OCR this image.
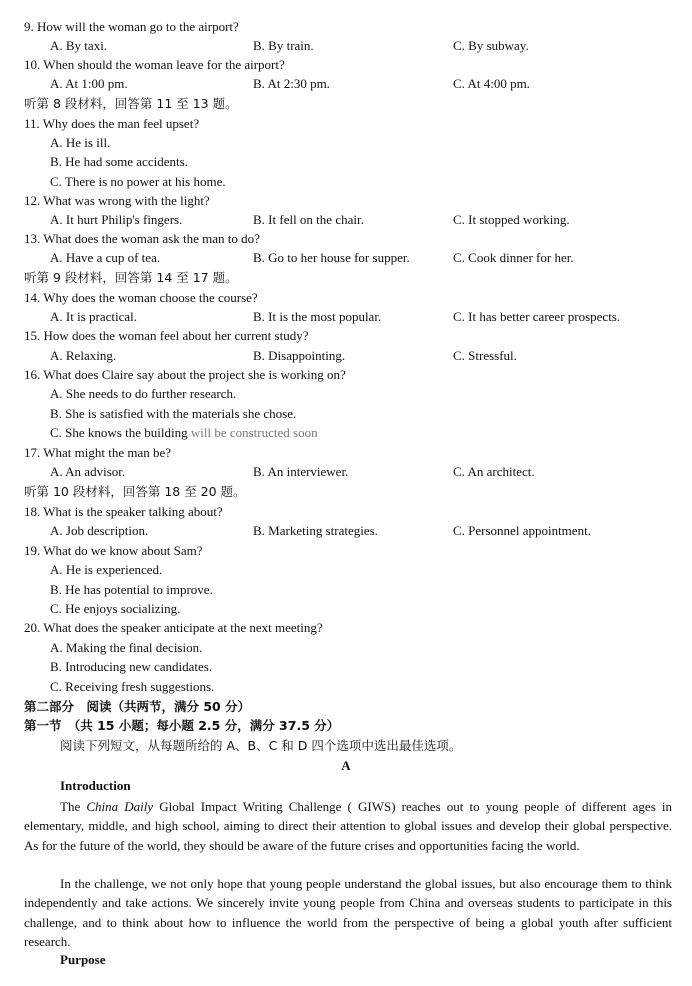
9. How will the woman go to the airport?
A. By taxi.	B. By train.	C. By subway.
10. When should the woman leave for the airport?
A. At 1:00 pm.	B. At 2:30 pm.	C. At 4:00 pm.
听第 8 段材料，回答第 11 至 13 题。
11. Why does the man feel upset?
A. He is ill.
B. He had some accidents.
C. There is no power at his home.
12. What was wrong with the light?
A. It hurt Philip's fingers.	B. It fell on the chair.	C. It stopped working.
13. What does the woman ask the man to do?
A. Have a cup of tea.	B. Go to her house for supper.	C. Cook dinner for her.
听第 9 段材料，回答第 14 至 17 题。
14. Why does the woman choose the course?
A. It is practical.	B. It is the most popular.	C. It has better career prospects.
15. How does the woman feel about her current study?
A. Relaxing.	B. Disappointing.	C. Stressful.
16. What does Claire say about the project she is working on?
A. She needs to do further research.
B. She is satisfied with the materials she chose.
C. She knows the building will be constructed soon
17. What might the man be?
A. An advisor.	B. An interviewer.	C. An architect.
听第 10 段材料，回答第 18 至 20 题。
18. What is the speaker talking about?
A. Job description.	B. Marketing strategies.	C. Personnel appointment.
19. What do we know about Sam?
A. He is experienced.
B. He has potential to improve.
C. He enjoys socializing.
20. What does the speaker anticipate at the next meeting?
A. Making the final decision.
B. Introducing new candidates.
C. Receiving fresh suggestions.
第二部分　阅读（共两节，满分 50 分）
第一节　（共 15 小题；每小题 2.5 分，满分 37.5 分）
阅读下列短文，从每题所给的 A、B、C 和 D 四个选项中选出最佳选项。
A
Introduction

The China Daily Global Impact Writing Challenge ( GIWS) reaches out to young people of different ages in elementary, middle, and high school, aiming to direct their attention to global issues and develop their global perspective. As for the future of the world, they should be aware of the future crises and opportunities facing the world.

In the challenge, we not only hope that young people understand the global issues, but also encourage them to think independently and take actions. We sincerely invite young people from China and overseas students to participate in this challenge, and to think about how to influence the world from the perspective of being a global youth after sufficient research.

Purpose
